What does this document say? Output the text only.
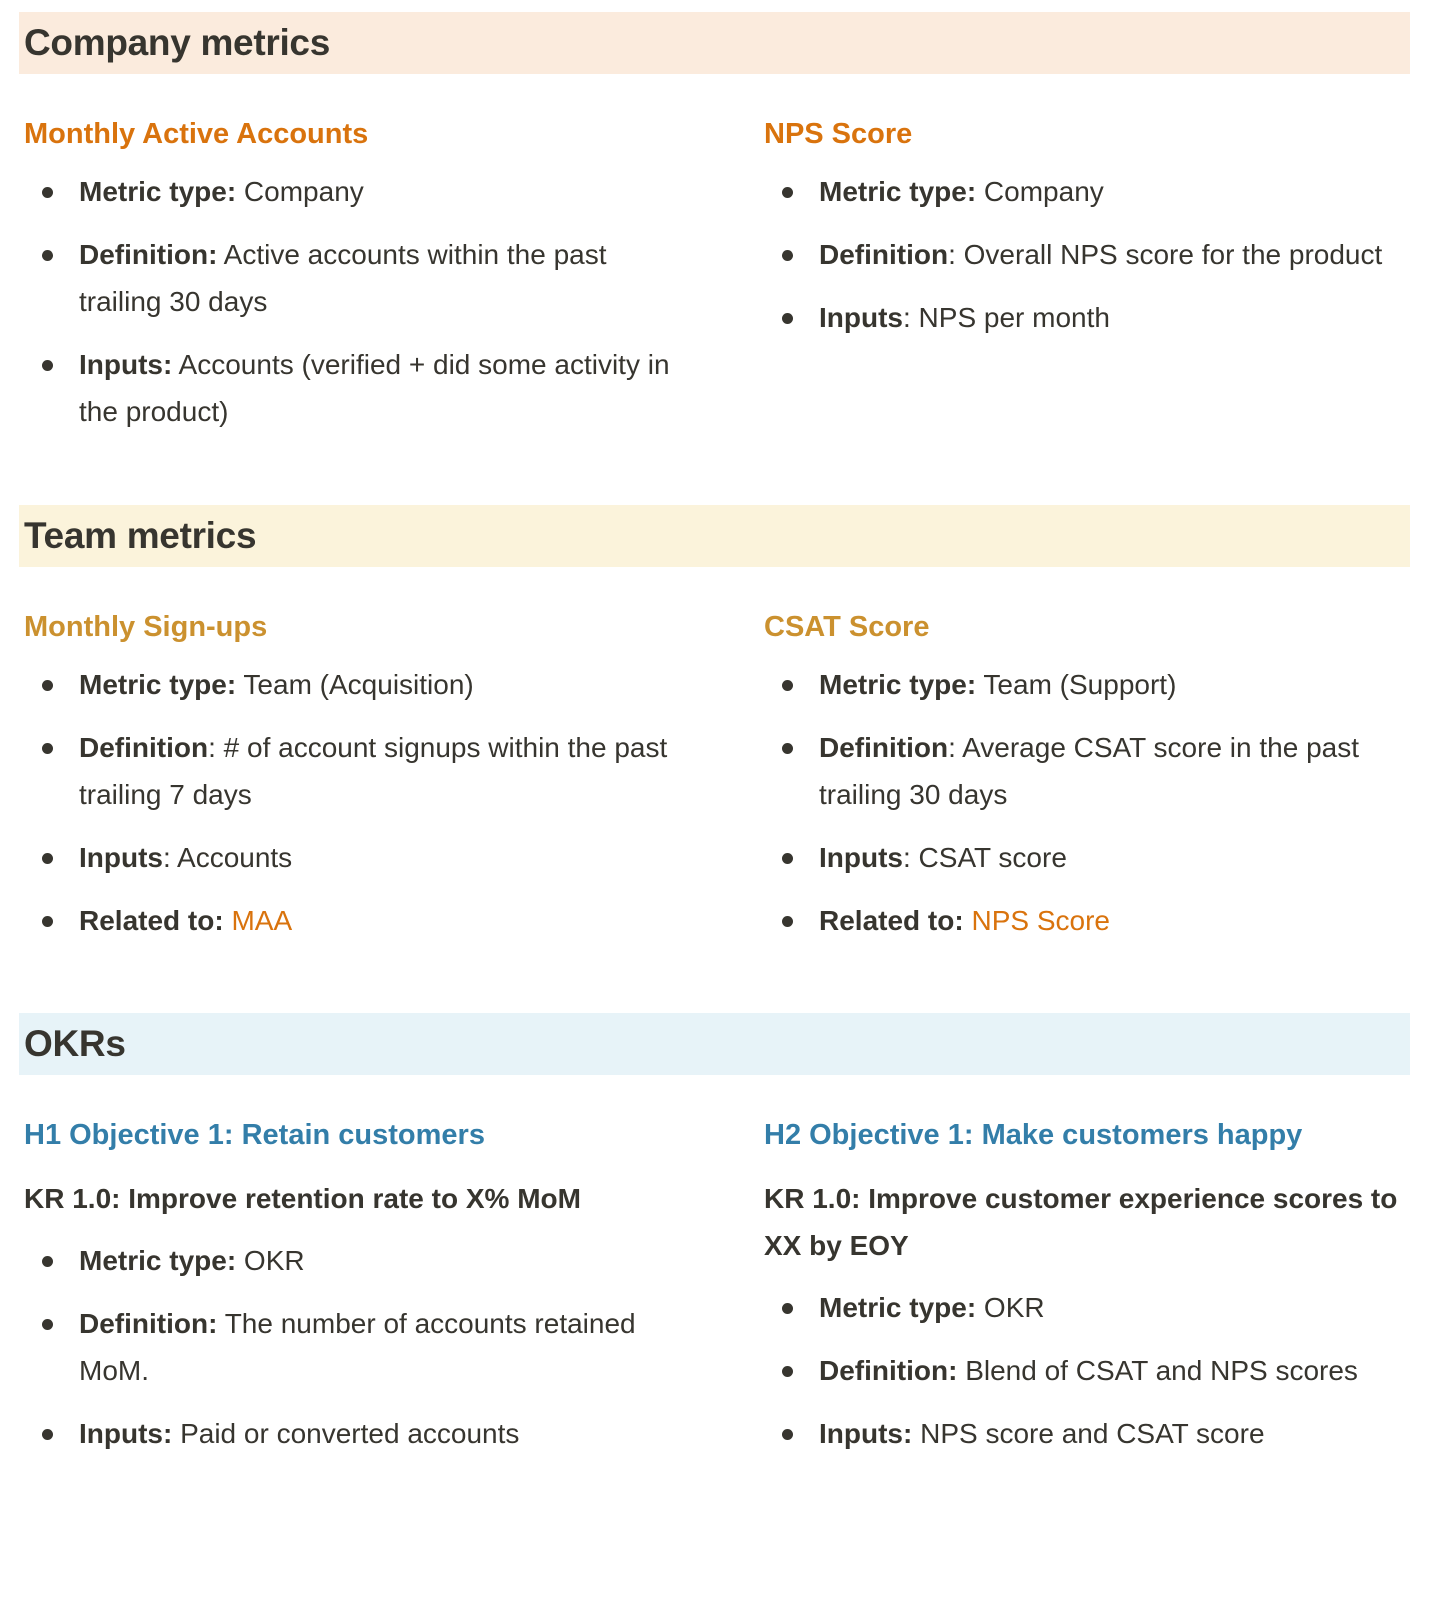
Company metrics
Monthly Active Accounts
Metric type: Company
Definition: Active accounts within the past trailing 30 days
Inputs: Accounts (verified + did some activity in the product)
NPS Score
Metric type: Company
Definition: Overall NPS score for the product
Inputs: NPS per month
Team metrics
Monthly Sign-ups
Metric type: Team (Acquisition)
Definition: # of account signups within the past trailing 7 days
Inputs: Accounts
Related to: MAA
CSAT Score
Metric type: Team (Support)
Definition: Average CSAT score in the past trailing 30 days
Inputs: CSAT score
Related to: NPS Score
OKRs
H1 Objective 1: Retain customers
KR 1.0: Improve retention rate to X% MoM
Metric type: OKR
Definition: The number of accounts retained MoM.
Inputs: Paid or converted accounts
H2 Objective 1: Make customers happy
KR 1.0: Improve customer experience scores to XX by EOY
Metric type: OKR
Definition: Blend of CSAT and NPS scores
Inputs: NPS score and CSAT score
